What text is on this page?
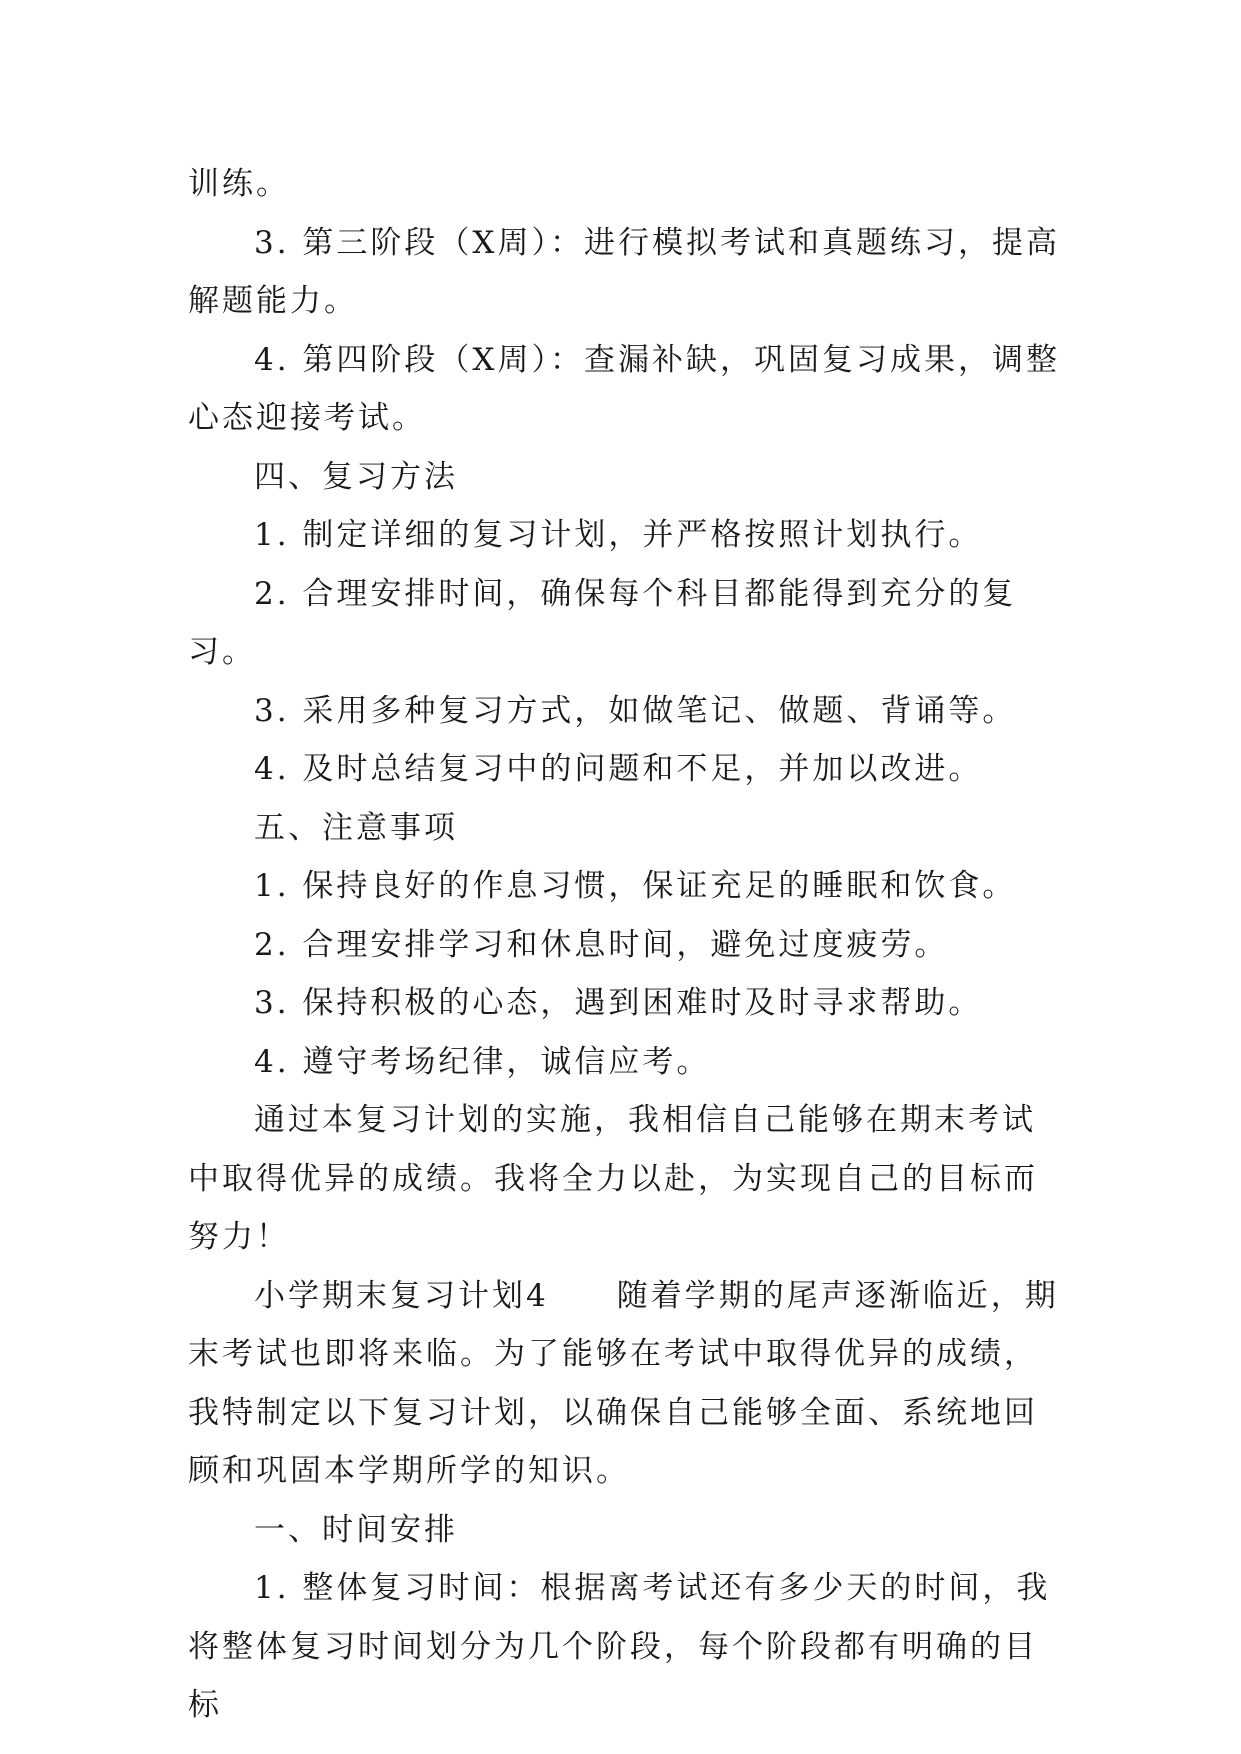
训练。

3. 第三阶段（X周）：进行模拟考试和真题练习，提高解题能力。

4. 第四阶段（X周）：查漏补缺，巩固复习成果，调整心态迎接考试。

四、复习方法

1. 制定详细的复习计划，并严格按照计划执行。

2. 合理安排时间，确保每个科目都能得到充分的复习。

3. 采用多种复习方式，如做笔记、做题、背诵等。

4. 及时总结复习中的问题和不足，并加以改进。

五、注意事项

1. 保持良好的作息习惯，保证充足的睡眠和饮食。

2. 合理安排学习和休息时间，避免过度疲劳。

3. 保持积极的心态，遇到困难时及时寻求帮助。

4. 遵守考场纪律，诚信应考。

通过本复习计划的实施，我相信自己能够在期末考试中取得优异的成绩。我将全力以赴，为实现自己的目标而努力！

小学期末复习计划4　　随着学期的尾声逐渐临近，期末考试也即将来临。为了能够在考试中取得优异的成绩，我特制定以下复习计划，以确保自己能够全面、系统地回顾和巩固本学期所学的知识。

一、时间安排

1. 整体复习时间：根据离考试还有多少天的时间，我将整体复习时间划分为几个阶段，每个阶段都有明确的目标
